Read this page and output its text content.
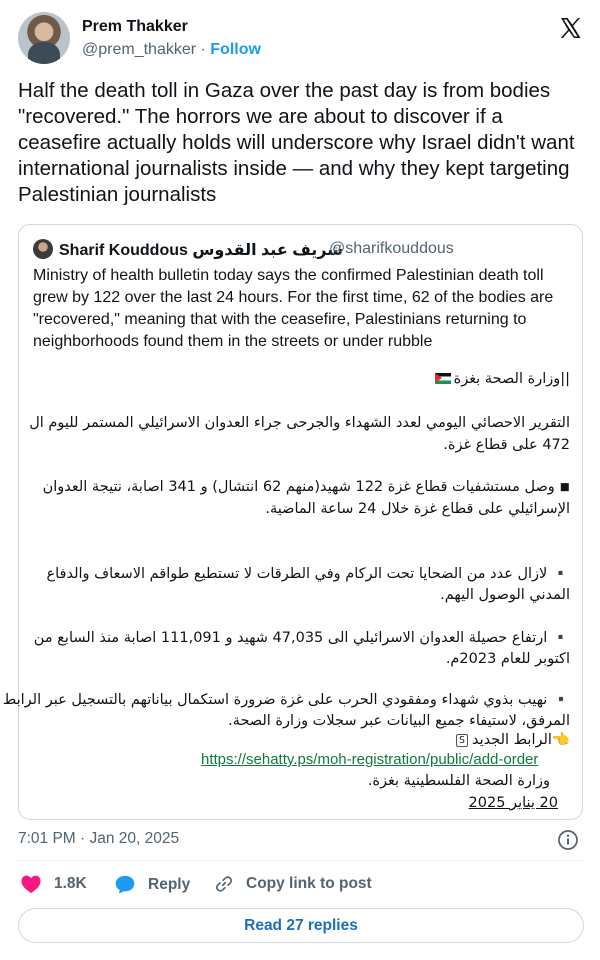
Prem Thakker
@prem_thakker · Follow
Half the death toll in Gaza over the past day is from bodies "recovered." The horrors we are about to discover if a ceasefire actually holds will underscore why Israel didn't want international journalists inside — and why they kept targeting Palestinian journalists
Sharif Kouddous شريف عبد القدوس
@sharifkouddous
Ministry of health bulletin today says the confirmed Palestinian death toll grew by 122 over the last 24 hours. For the first time, 62 of the bodies are "recovered," meaning that with the ceasefire, Palestinians returning to neighborhoods found them in the streets or under rubble
||وزارة الصحة بغزة
التقرير الاحصائي اليومي لعدد الشهداء والجرحى جراء العدوان الاسرائيلي المستمر لليوم ال
472 على قطاع غزة.
◾ وصل مستشفيات قطاع غزة 122 شهيد(منهم 62 انتشال) و 341 اصابة، نتيجة العدوان
الإسرائيلي على قطاع غزة خلال 24 ساعة الماضية.
▪️ لازال عدد من الضحايا تحت الركام وفي الطرقات لا تستطيع طواقم الاسعاف والدفاع
المدني الوصول اليهم.
▪️ ارتفاع حصيلة العدوان الاسرائيلي الى 47,035 شهيد و 111,091 اصابة منذ السابع من
اكتوبر للعام 2023م.
▪️ نهيب بذوي شهداء ومفقودي الحرب على غزة ضرورة استكمال بياناتهم بالتسجيل عبر الرابط
المرفق، لاستيفاء جميع البيانات عبر سجلات وزارة الصحة.
👈الرابط الجديدS
https://sehatty.ps/moh-registration/public/add-order
وزارة الصحة الفلسطينية بغزة.
20 يناير 2025
7:01 PM · Jan 20, 2025
1.8K	Reply	Copy link to post
Read 27 replies
